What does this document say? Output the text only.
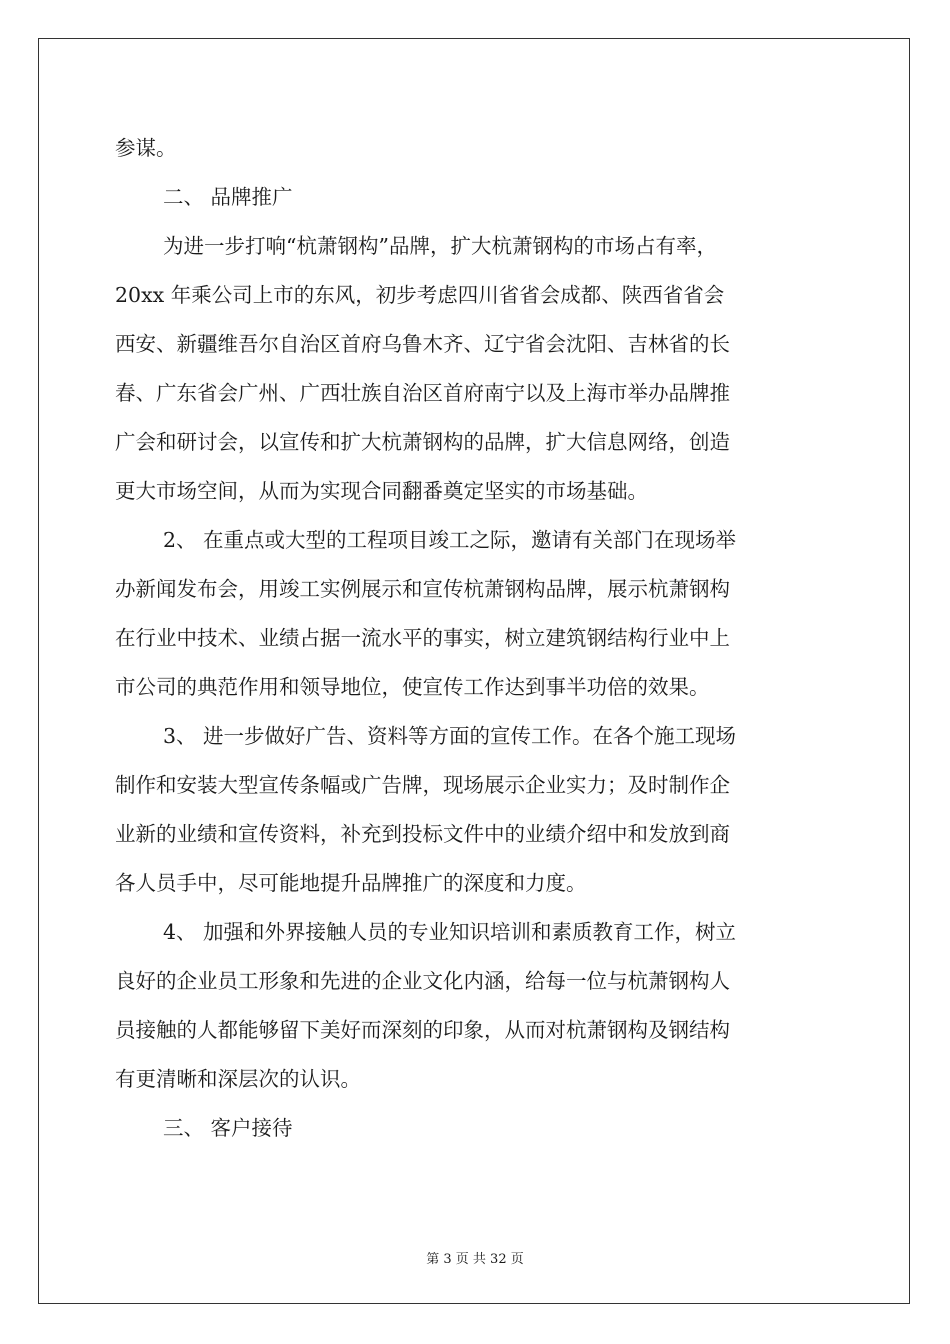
参谋。
二、 品牌推广
为进一步打响“杭萧钢构”品牌，扩大杭萧钢构的市场占有率，
20xx 年乘公司上市的东风，初步考虑四川省省会成都、陕西省省会
西安、新疆维吾尔自治区首府乌鲁木齐、辽宁省会沈阳、吉林省的长
春、广东省会广州、广西壮族自治区首府南宁以及上海市举办品牌推
广会和研讨会，以宣传和扩大杭萧钢构的品牌，扩大信息网络，创造
更大市场空间，从而为实现合同翻番奠定坚实的市场基础。
2、 在重点或大型的工程项目竣工之际，邀请有关部门在现场举
办新闻发布会，用竣工实例展示和宣传杭萧钢构品牌，展示杭萧钢构
在行业中技术、业绩占据一流水平的事实，树立建筑钢结构行业中上
市公司的典范作用和领导地位，使宣传工作达到事半功倍的效果。
3、 进一步做好广告、资料等方面的宣传工作。在各个施工现场
制作和安装大型宣传条幅或广告牌，现场展示企业实力；及时制作企
业新的业绩和宣传资料，补充到投标文件中的业绩介绍中和发放到商
各人员手中，尽可能地提升品牌推广的深度和力度。
4、 加强和外界接触人员的专业知识培训和素质教育工作，树立
良好的企业员工形象和先进的企业文化内涵，给每一位与杭萧钢构人
员接触的人都能够留下美好而深刻的印象，从而对杭萧钢构及钢结构
有更清晰和深层次的认识。
三、 客户接待
第 3 页 共 32 页
